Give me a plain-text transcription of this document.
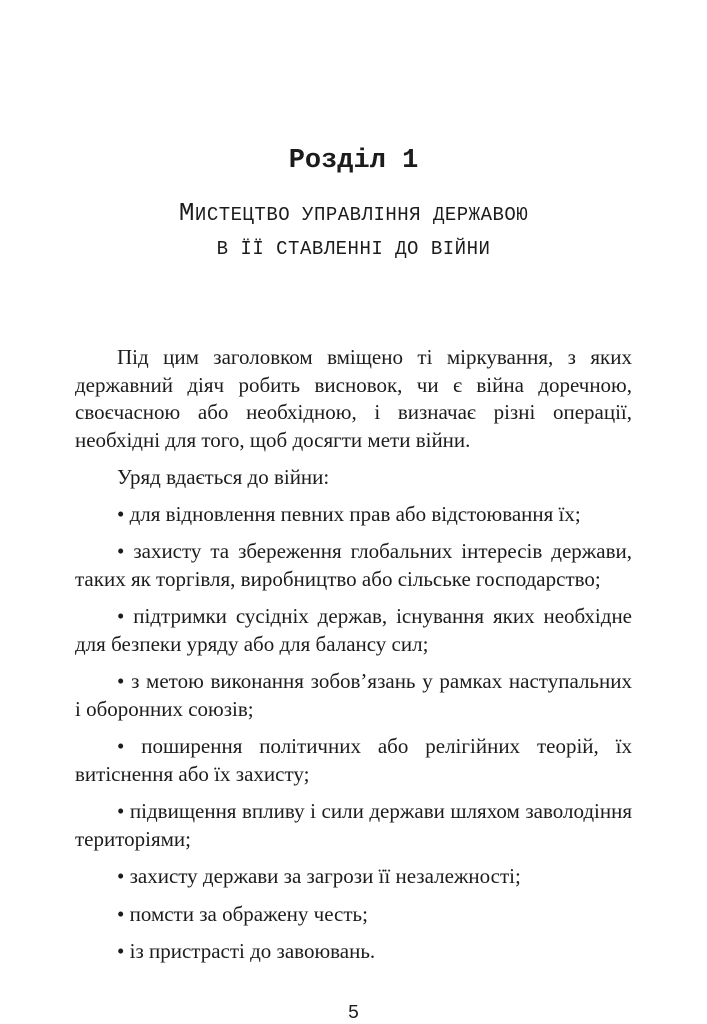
Розділ 1
МИСТЕЦТВО УПРАВЛІННЯ ДЕРЖАВОЮ
В ЇЇ СТАВЛЕННІ ДО ВІЙНИ

Під цим заголовком вміщено ті міркування, з яких державний діяч робить висновок, чи є війна доречною, своєчасною або необхідною, і визначає різні операції, необхідні для того, щоб досягти мети війни.

Уряд вдається до війни:

• для відновлення певних прав або відстоювання їх;

• захисту та збереження глобальних інтересів держави, таких як торгівля, виробництво або сільське господарство;

• підтримки сусідніх держав, існування яких необхідне для безпеки уряду або для балансу сил;

• з метою виконання зобов’язань у рамках наступальних і оборонних союзів;

• поширення політичних або релігійних теорій, їх витіснення або їх захисту;

• підвищення впливу і сили держави шляхом заволодіння територіями;

• захисту держави за загрози її незалежності;

• помсти за ображену честь;

• із пристрасті до завоювань.

5
